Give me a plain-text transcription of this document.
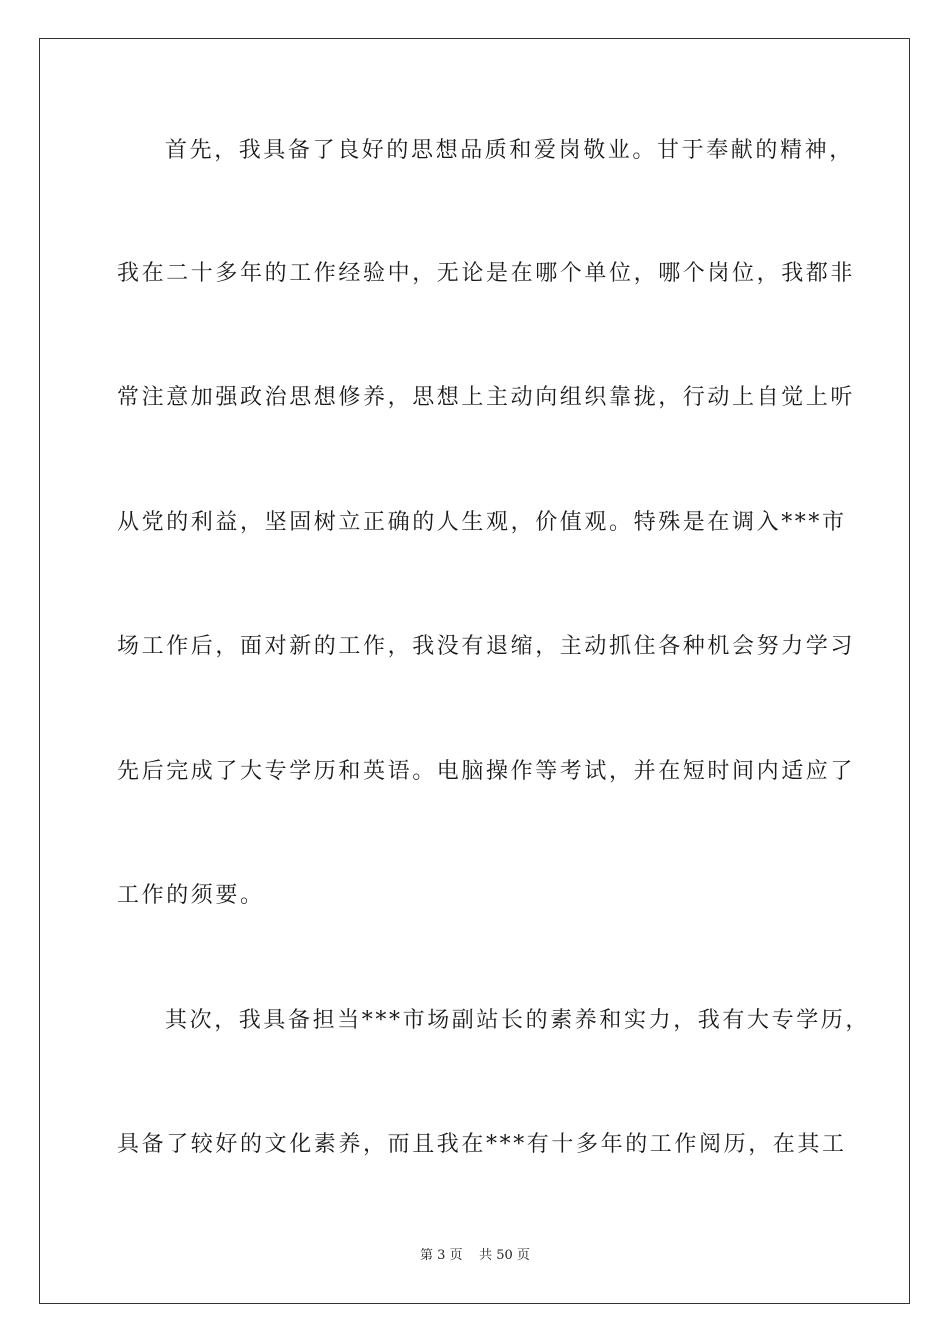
首先，我具备了良好的思想品质和爱岗敬业。甘于奉献的精神，

我在二十多年的工作经验中，无论是在哪个单位，哪个岗位，我都非

常注意加强政治思想修养，思想上主动向组织靠拢，行动上自觉上听

从党的利益，坚固树立正确的人生观，价值观。特殊是在调入***市

场工作后，面对新的工作，我没有退缩，主动抓住各种机会努力学习

先后完成了大专学历和英语。电脑操作等考试，并在短时间内适应了

工作的须要。

其次，我具备担当***市场副站长的素养和实力，我有大专学历，

具备了较好的文化素养，而且我在***有十多年的工作阅历，在其工

第 3 页 共 50 页
